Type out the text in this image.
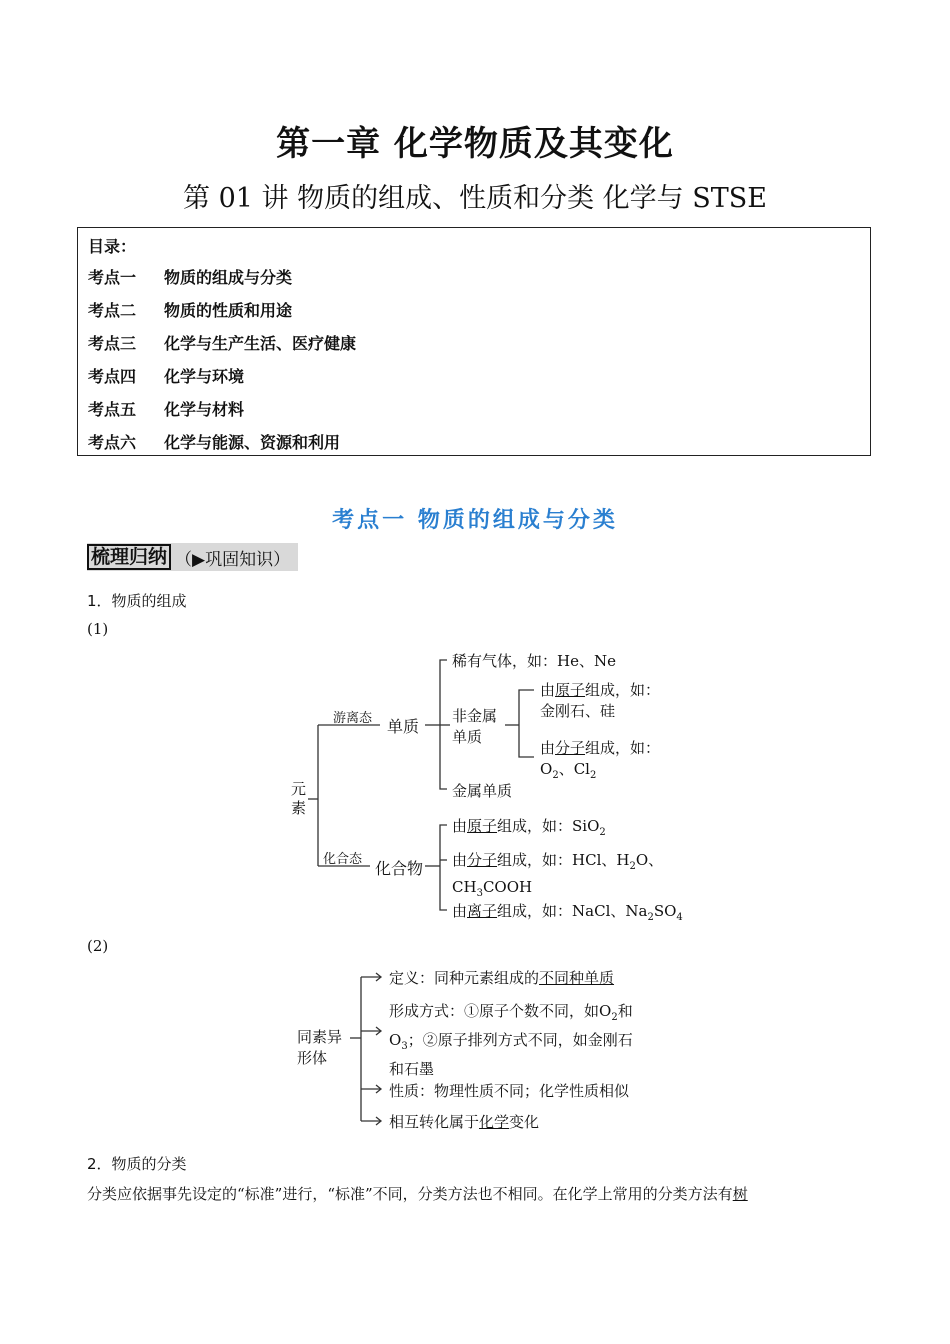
第一章 化学物质及其变化
第 01 讲 物质的组成、性质和分类 化学与 STSE
目录：
考点一 物质的组成与分类
考点二 物质的性质和用途
考点三 化学与生产生活、医疗健康
考点四 化学与环境
考点五 化学与材料
考点六 化学与能源、资源和利用
考点一 物质的组成与分类
梳理归纳 （▶巩固知识）
1．物质的组成
(1)
元
素
游离态
化合态
单质
化合物
稀有气体，如：He、Ne
非金属
单质
由原子组成，如：
金刚石、硅
由分子组成，如：
$O_2$、$Cl_2$
金属单质
由原子组成，如：SiO$_2$
由分子组成，如：HCl、$H_2O$、
$CH_3COOH$
由离子组成，如：NaCl、$Na_2SO_4$
(2)
同素异
形体
定义：同种元素组成的不同种单质
形成方式：①原子个数不同，如$O_2$和
$O_3$；②原子排列方式不同，如金刚石
和石墨
性质：物理性质不同；化学性质相似
相互转化属于化学变化
2．物质的分类
分类应依据事先设定的“标准”进行，“标准”不同，分类方法也不相同。在化学上常用的分类方法有树
